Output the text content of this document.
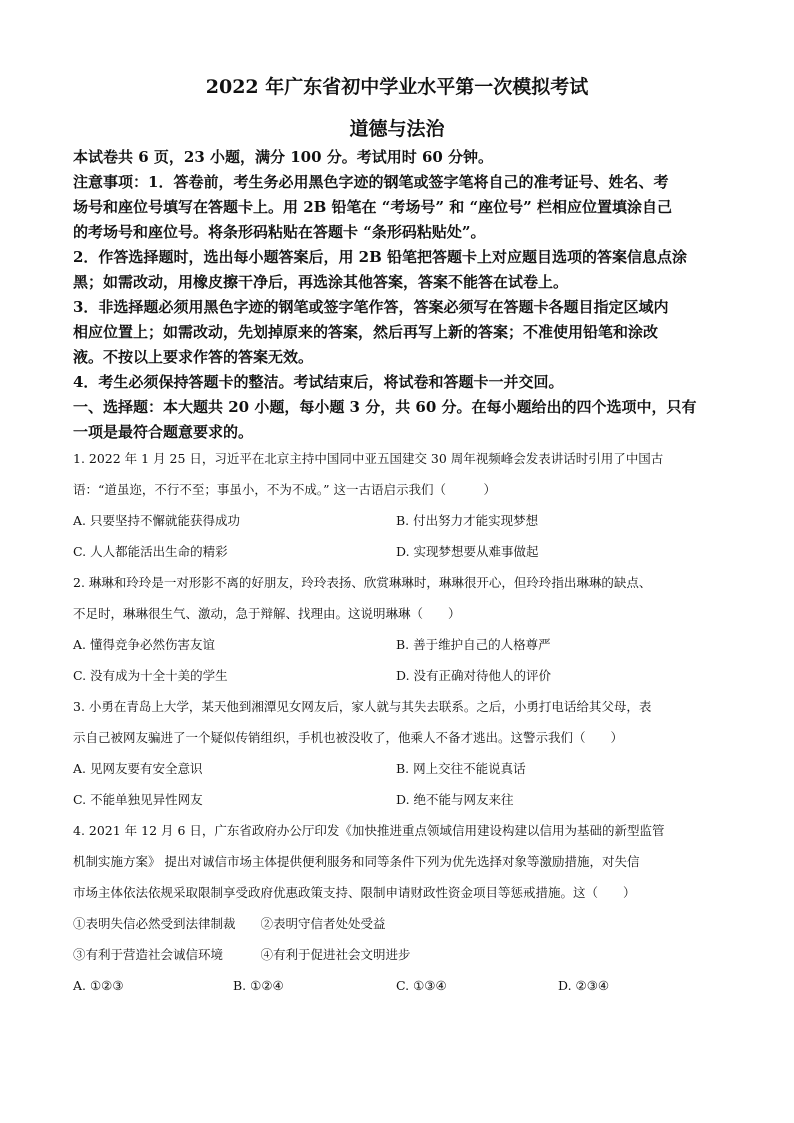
2022 年广东省初中学业水平第一次模拟考试
道德与法治

本试卷共 6 页，23 小题，满分 100 分。考试用时 60 分钟。

注意事项：1．答卷前，考生务必用黑色字迹的钢笔或签字笔将自己的准考证号、姓名、考

场号和座位号填写在答题卡上。用 2B 铅笔在 “考场号” 和 “座位号” 栏相应位置填涂自己

的考场号和座位号。将条形码粘贴在答题卡 “条形码粘贴处”。

2．作答选择题时，选出每小题答案后，用 2B 铅笔把答题卡上对应题目选项的答案信息点涂

黑；如需改动，用橡皮擦干净后，再选涂其他答案，答案不能答在试卷上。

3．非选择题必须用黑色字迹的钢笔或签字笔作答，答案必须写在答题卡各题目指定区域内

相应位置上；如需改动，先划掉原来的答案，然后再写上新的答案；不准使用铅笔和涂改

液。不按以上要求作答的答案无效。

4．考生必须保持答题卡的整洁。考试结束后，将试卷和答题卡一并交回。

一、选择题：本大题共 20 小题，每小题 3 分，共 60 分。在每小题给出的四个选项中，只有

一项是最符合题意要求的。

1. 2022 年 1 月 25 日，习近平在北京主持中国同中亚五国建交 30 周年视频峰会发表讲话时引用了中国古

语：“道虽迩，不行不至；事虽小，不为不成。” 这一古语启示我们（　　　）

A. 只要坚持不懈就能获得成功	B. 付出努力才能实现梦想
C. 人人都能活出生命的精彩	D. 实现梦想要从难事做起

2. 琳琳和玲玲是一对形影不离的好朋友，玲玲表扬、欣赏琳琳时，琳琳很开心，但玲玲指出琳琳的缺点、

不足时，琳琳很生气、激动，急于辩解、找理由。这说明琳琳（　　）

A. 懂得竞争必然伤害友谊	B. 善于维护自己的人格尊严
C. 没有成为十全十美的学生	D. 没有正确对待他人的评价

3. 小勇在青岛上大学，某天他到湘潭见女网友后，家人就与其失去联系。之后，小勇打电话给其父母，表

示自己被网友骗进了一个疑似传销组织，手机也被没收了，他乘人不备才逃出。这警示我们（　　）

A. 见网友要有安全意识	B. 网上交往不能说真话
C. 不能单独见异性网友	D. 绝不能与网友来往

4. 2021 年 12 月 6 日，广东省政府办公厅印发《加快推进重点领域信用建设构建以信用为基础的新型监管

机制实施方案》 提出对诚信市场主体提供便利服务和同等条件下列为优先选择对象等激励措施，对失信

市场主体依法依规采取限制享受政府优惠政策支持、限制申请财政性资金项目等惩戒措施。这（　　）

①表明失信必然受到法律制裁　　②表明守信者处处受益

③有利于营造社会诚信环境　　　④有利于促进社会文明进步

A. ①②③	B. ①②④	C. ①③④	D. ②③④
